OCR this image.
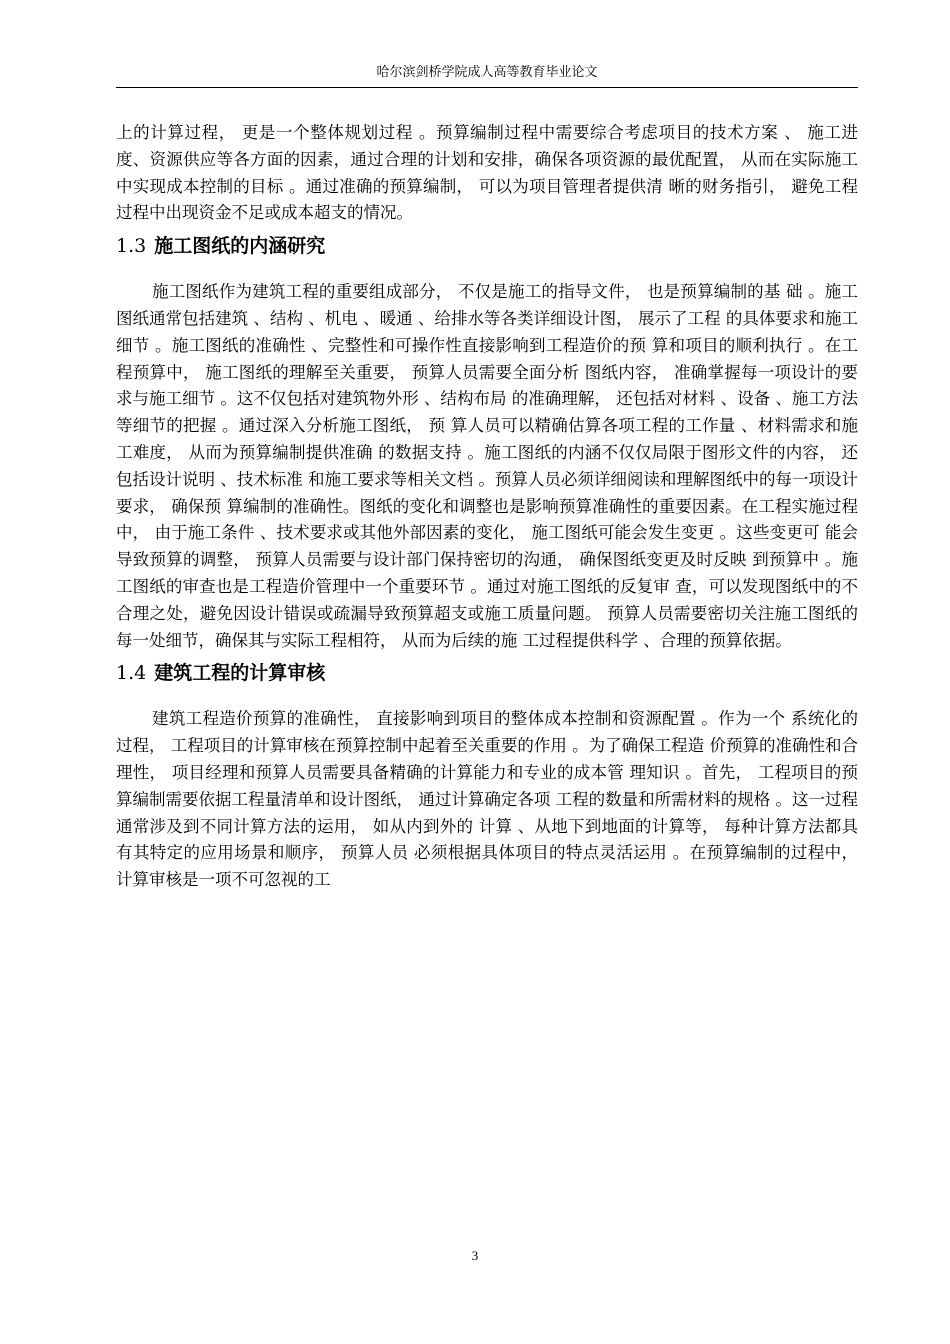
哈尔滨剑桥学院成人高等教育毕业论文

上的计算过程， 更是一个整体规划过程 。预算编制过程中需要综合考虑项目的技术方案 、 施工进度、资源供应等各方面的因素，通过合理的计划和安排，确保各项资源的最优配置， 从而在实际施工中实现成本控制的目标 。通过准确的预算编制， 可以为项目管理者提供清 晰的财务指引， 避免工程过程中出现资金不足或成本超支的情况。

1.3 施工图纸的内涵研究

施工图纸作为建筑工程的重要组成部分， 不仅是施工的指导文件， 也是预算编制的基 础 。施工图纸通常包括建筑 、结构 、机电 、暖通 、给排水等各类详细设计图， 展示了工程 的具体要求和施工细节 。施工图纸的准确性 、完整性和可操作性直接影响到工程造价的预 算和项目的顺利执行 。在工程预算中， 施工图纸的理解至关重要， 预算人员需要全面分析 图纸内容， 准确掌握每一项设计的要求与施工细节 。这不仅包括对建筑物外形 、结构布局 的准确理解， 还包括对材料 、设备 、施工方法等细节的把握 。通过深入分析施工图纸， 预 算人员可以精确估算各项工程的工作量 、材料需求和施工难度， 从而为预算编制提供准确 的数据支持 。施工图纸的内涵不仅仅局限于图形文件的内容， 还包括设计说明 、技术标准 和施工要求等相关文档 。预算人员必须详细阅读和理解图纸中的每一项设计要求， 确保预 算编制的准确性。图纸的变化和调整也是影响预算准确性的重要因素。在工程实施过程中， 由于施工条件 、技术要求或其他外部因素的变化， 施工图纸可能会发生变更 。这些变更可 能会导致预算的调整， 预算人员需要与设计部门保持密切的沟通， 确保图纸变更及时反映 到预算中 。施工图纸的审查也是工程造价管理中一个重要环节 。通过对施工图纸的反复审 查，可以发现图纸中的不合理之处，避免因设计错误或疏漏导致预算超支或施工质量问题。 预算人员需要密切关注施工图纸的每一处细节，确保其与实际工程相符， 从而为后续的施 工过程提供科学 、合理的预算依据。

1.4 建筑工程的计算审核

建筑工程造价预算的准确性， 直接影响到项目的整体成本控制和资源配置 。作为一个 系统化的过程， 工程项目的计算审核在预算控制中起着至关重要的作用 。为了确保工程造 价预算的准确性和合理性， 项目经理和预算人员需要具备精确的计算能力和专业的成本管 理知识 。首先， 工程项目的预算编制需要依据工程量清单和设计图纸， 通过计算确定各项 工程的数量和所需材料的规格 。这一过程通常涉及到不同计算方法的运用， 如从内到外的 计算 、从地下到地面的计算等， 每种计算方法都具有其特定的应用场景和顺序， 预算人员 必须根据具体项目的特点灵活运用 。在预算编制的过程中， 计算审核是一项不可忽视的工

3
